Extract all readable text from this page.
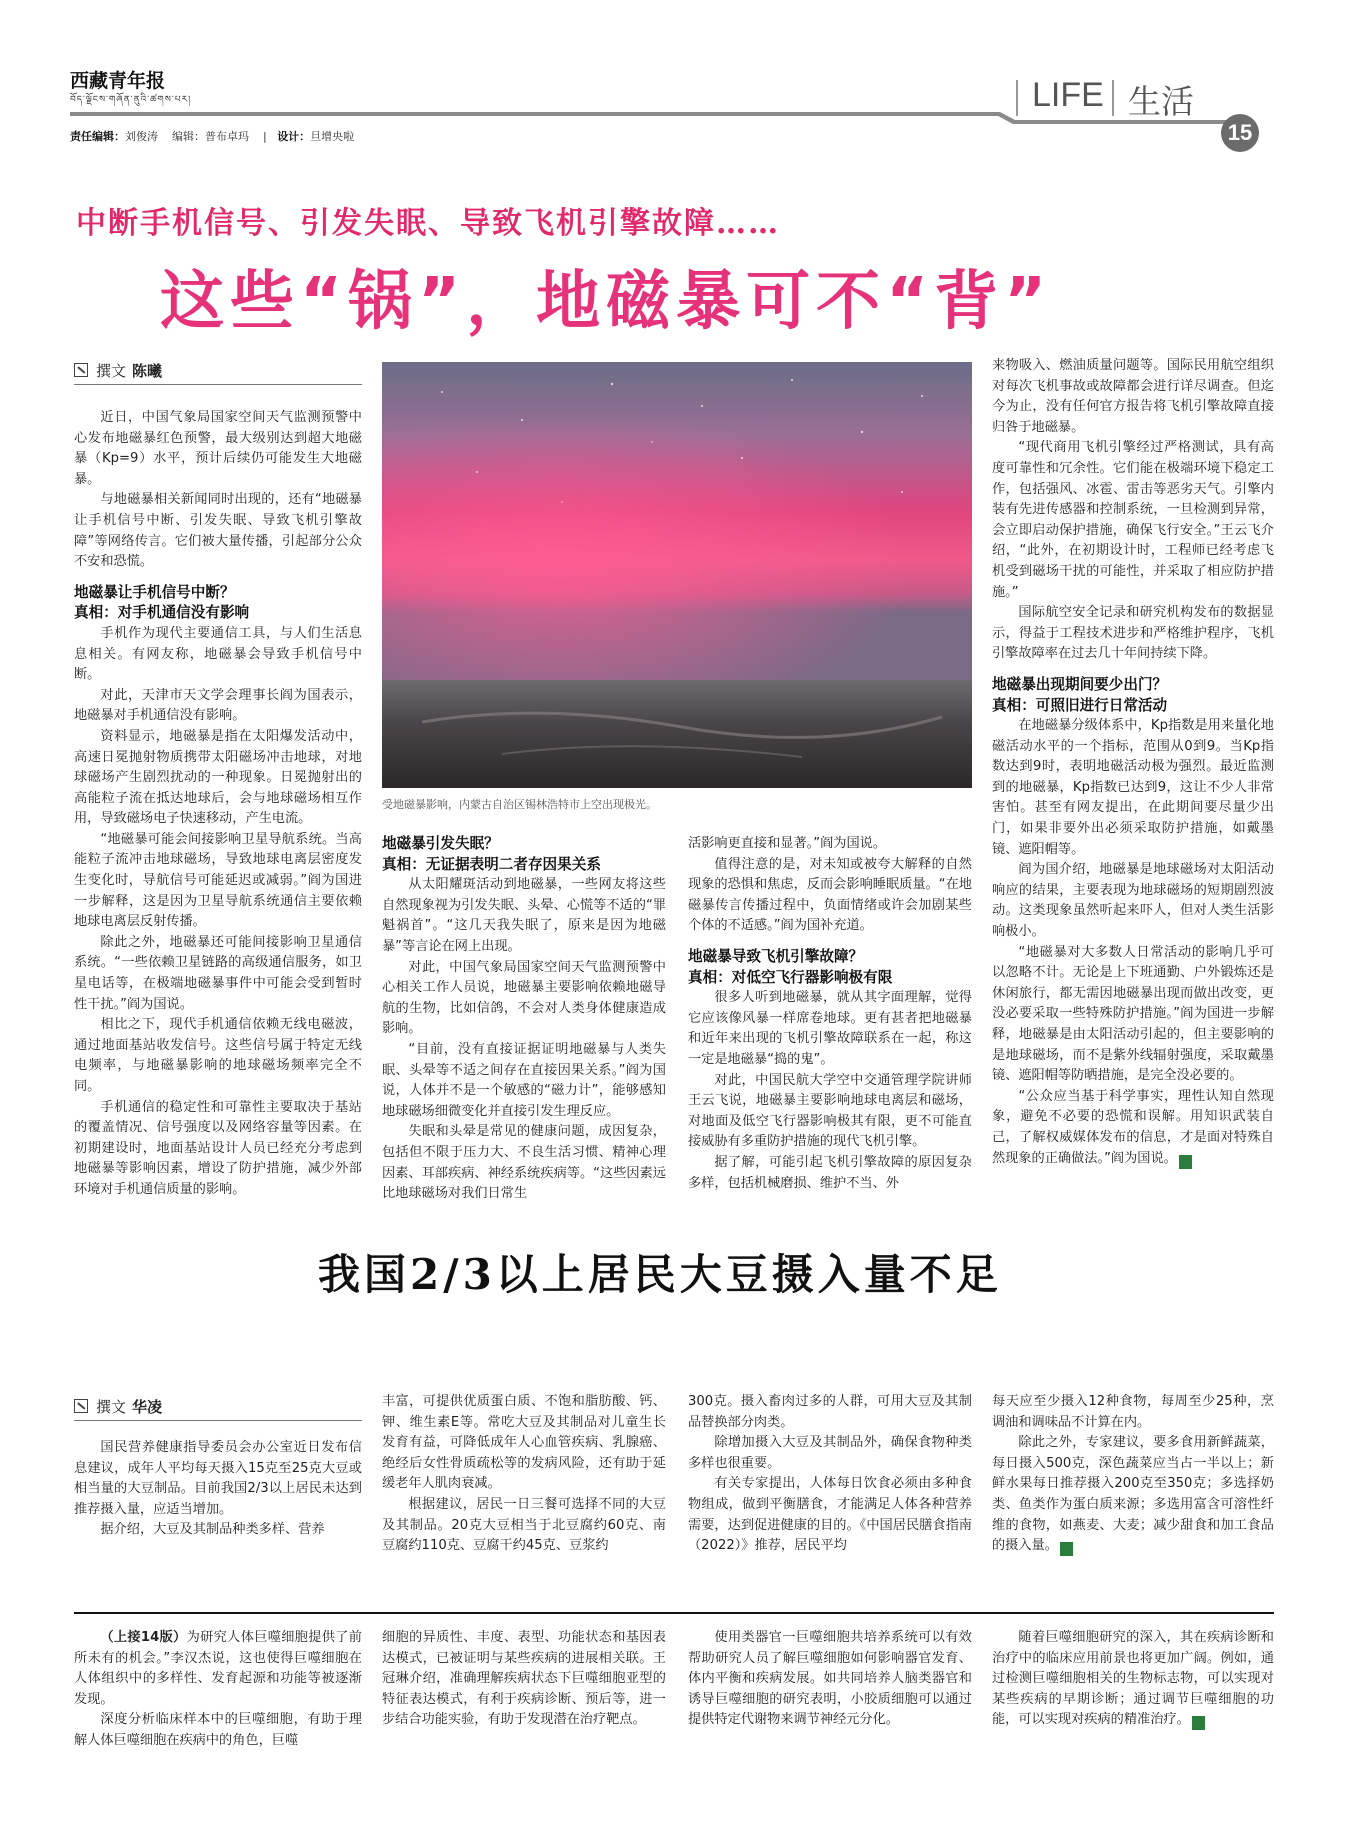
西藏青年报
བོད་ལྗོངས་གཞོན་ནུའི་ཚགས་པར།	LIFE 生活
15
责任编辑：刘俊涛 编辑：普布卓玛    |   设计：旦增央啦
中断手机信号、引发失眠、导致飞机引擎故障……
这些“锅”，地磁暴可不“背”
撰文 陈曦

近日，中国气象局国家空间天气监测预警中心发布地磁暴红色预警，最大级别达到超大地磁暴（Kp=9）水平，预计后续仍可能发生大地磁暴。

与地磁暴相关新闻同时出现的，还有“地磁暴让手机信号中断、引发失眠、导致飞机引擎故障”等网络传言。它们被大量传播，引起部分公众不安和恐慌。

地磁暴让手机信号中断？

真相：对手机通信没有影响

手机作为现代主要通信工具，与人们生活息息相关。有网友称，地磁暴会导致手机信号中断。

对此，天津市天文学会理事长阎为国表示，地磁暴对手机通信没有影响。

资料显示，地磁暴是指在太阳爆发活动中，高速日冕抛射物质携带太阳磁场冲击地球，对地球磁场产生剧烈扰动的一种现象。日冕抛射出的高能粒子流在抵达地球后，会与地球磁场相互作用，导致磁场电子快速移动，产生电流。

“地磁暴可能会间接影响卫星导航系统。当高能粒子流冲击地球磁场，导致地球电离层密度发生变化时，导航信号可能延迟或减弱。”阎为国进一步解释，这是因为卫星导航系统通信主要依赖地球电离层反射传播。

除此之外，地磁暴还可能间接影响卫星通信系统。“一些依赖卫星链路的高级通信服务，如卫星电话等，在极端地磁暴事件中可能会受到暂时性干扰。”阎为国说。

相比之下，现代手机通信依赖无线电磁波，通过地面基站收发信号。这些信号属于特定无线电频率，与地磁暴影响的地球磁场频率完全不同。

手机通信的稳定性和可靠性主要取决于基站的覆盖情况、信号强度以及网络容量等因素。在初期建设时，地面基站设计人员已经充分考虑到地磁暴等影响因素，增设了防护措施，减少外部环境对手机通信质量的影响。

受地磁暴影响，内蒙古自治区锡林浩特市上空出现极光。

地磁暴引发失眠？

真相：无证据表明二者存因果关系

从太阳耀斑活动到地磁暴，一些网友将这些自然现象视为引发失眠、头晕、心慌等不适的“罪魁祸首”。“这几天我失眠了，原来是因为地磁暴”等言论在网上出现。

对此，中国气象局国家空间天气监测预警中心相关工作人员说，地磁暴主要影响依赖地磁导航的生物，比如信鸽，不会对人类身体健康造成影响。

“目前，没有直接证据证明地磁暴与人类失眠、头晕等不适之间存在直接因果关系。”阎为国说，人体并不是一个敏感的“磁力计”，能够感知地球磁场细微变化并直接引发生理反应。

失眠和头晕是常见的健康问题，成因复杂，包括但不限于压力大、不良生活习惯、精神心理因素、耳部疾病、神经系统疾病等。“这些因素远比地球磁场对我们日常生

活影响更直接和显著。”阎为国说。

值得注意的是，对未知或被夸大解释的自然现象的恐惧和焦虑，反而会影响睡眠质量。“在地磁暴传言传播过程中，负面情绪或许会加剧某些个体的不适感。”阎为国补充道。

地磁暴导致飞机引擎故障？

真相：对低空飞行器影响极有限

很多人听到地磁暴，就从其字面理解，觉得它应该像风暴一样席卷地球。更有甚者把地磁暴和近年来出现的飞机引擎故障联系在一起，称这一定是地磁暴“捣的鬼”。

对此，中国民航大学空中交通管理学院讲师王云飞说，地磁暴主要影响地球电离层和磁场，对地面及低空飞行器影响极其有限，更不可能直接威胁有多重防护措施的现代飞机引擎。

据了解，可能引起飞机引擎故障的原因复杂多样，包括机械磨损、维护不当、外

来物吸入、燃油质量问题等。国际民用航空组织对每次飞机事故或故障都会进行详尽调查。但迄今为止，没有任何官方报告将飞机引擎故障直接归咎于地磁暴。

“现代商用飞机引擎经过严格测试，具有高度可靠性和冗余性。它们能在极端环境下稳定工作，包括强风、冰雹、雷击等恶劣天气。引擎内装有先进传感器和控制系统，一旦检测到异常，会立即启动保护措施，确保飞行安全。”王云飞介绍，“此外，在初期设计时，工程师已经考虑飞机受到磁场干扰的可能性，并采取了相应防护措施。”

国际航空安全记录和研究机构发布的数据显示，得益于工程技术进步和严格维护程序，飞机引擎故障率在过去几十年间持续下降。

地磁暴出现期间要少出门？

真相：可照旧进行日常活动

在地磁暴分级体系中，Kp指数是用来量化地磁活动水平的一个指标，范围从0到9。当Kp指数达到9时，表明地磁活动极为强烈。最近监测到的地磁暴，Kp指数已达到9，这让不少人非常害怕。甚至有网友提出，在此期间要尽量少出门，如果非要外出必须采取防护措施，如戴墨镜、遮阳帽等。

阎为国介绍，地磁暴是地球磁场对太阳活动响应的结果，主要表现为地球磁场的短期剧烈波动。这类现象虽然听起来吓人，但对人类生活影响极小。

“地磁暴对大多数人日常活动的影响几乎可以忽略不计。无论是上下班通勤、户外锻炼还是休闲旅行，都无需因地磁暴出现而做出改变，更没必要采取一些特殊防护措施。”阎为国进一步解释，地磁暴是由太阳活动引起的，但主要影响的是地球磁场，而不是紫外线辐射强度，采取戴墨镜、遮阳帽等防晒措施，是完全没必要的。

“公众应当基于科学事实，理性认知自然现象，避免不必要的恐慌和误解。用知识武装自己，了解权威媒体发布的信息，才是面对特殊自然现象的正确做法。”阎为国说。	✦

我国2/3以上居民大豆摄入量不足
撰文 华凌

国民营养健康指导委员会办公室近日发布信息建议，成年人平均每天摄入15克至25克大豆或相当量的大豆制品。目前我国2/3以上居民未达到推荐摄入量，应适当增加。

据介绍，大豆及其制品种类多样、营养

丰富，可提供优质蛋白质、不饱和脂肪酸、钙、钾、维生素E等。常吃大豆及其制品对儿童生长发育有益，可降低成年人心血管疾病、乳腺癌、绝经后女性骨质疏松等的发病风险，还有助于延缓老年人肌肉衰减。

根据建议，居民一日三餐可选择不同的大豆及其制品。20克大豆相当于北豆腐约60克、南豆腐约110克、豆腐干约45克、豆浆约

300克。摄入畜肉过多的人群，可用大豆及其制品替换部分肉类。

除增加摄入大豆及其制品外，确保食物种类多样也很重要。

有关专家提出，人体每日饮食必须由多种食物组成，做到平衡膳食，才能满足人体各种营养需要，达到促进健康的目的。《中国居民膳食指南（2022）》推荐，居民平均

每天应至少摄入12种食物，每周至少25种，烹调油和调味品不计算在内。

除此之外，专家建议，要多食用新鲜蔬菜，每日摄入500克，深色蔬菜应当占一半以上；新鲜水果每日推荐摄入200克至350克；多选择奶类、鱼类作为蛋白质来源；多选用富含可溶性纤维的食物，如燕麦、大麦；减少甜食和加工食品的摄入量。	✦

（上接14版）为研究人体巨噬细胞提供了前所未有的机会。”李汉杰说，这也使得巨噬细胞在人体组织中的多样性、发育起源和功能等被逐渐发现。

深度分析临床样本中的巨噬细胞，有助于理解人体巨噬细胞在疾病中的角色，巨噬

细胞的异质性、丰度、表型、功能状态和基因表达模式，已被证明与某些疾病的进展相关联。王冠琳介绍，准确理解疾病状态下巨噬细胞亚型的特征表达模式，有利于疾病诊断、预后等，进一步结合功能实验，有助于发现潜在治疗靶点。

使用类器官一巨噬细胞共培养系统可以有效帮助研究人员了解巨噬细胞如何影响器官发育、体内平衡和疾病发展。如共同培养人脑类器官和诱导巨噬细胞的研究表明，小胶质细胞可以通过提供特定代谢物来调节神经元分化。

随着巨噬细胞研究的深入，其在疾病诊断和治疗中的临床应用前景也将更加广阔。例如，通过检测巨噬细胞相关的生物标志物，可以实现对某些疾病的早期诊断；通过调节巨噬细胞的功能，可以实现对疾病的精准治疗。	✦
